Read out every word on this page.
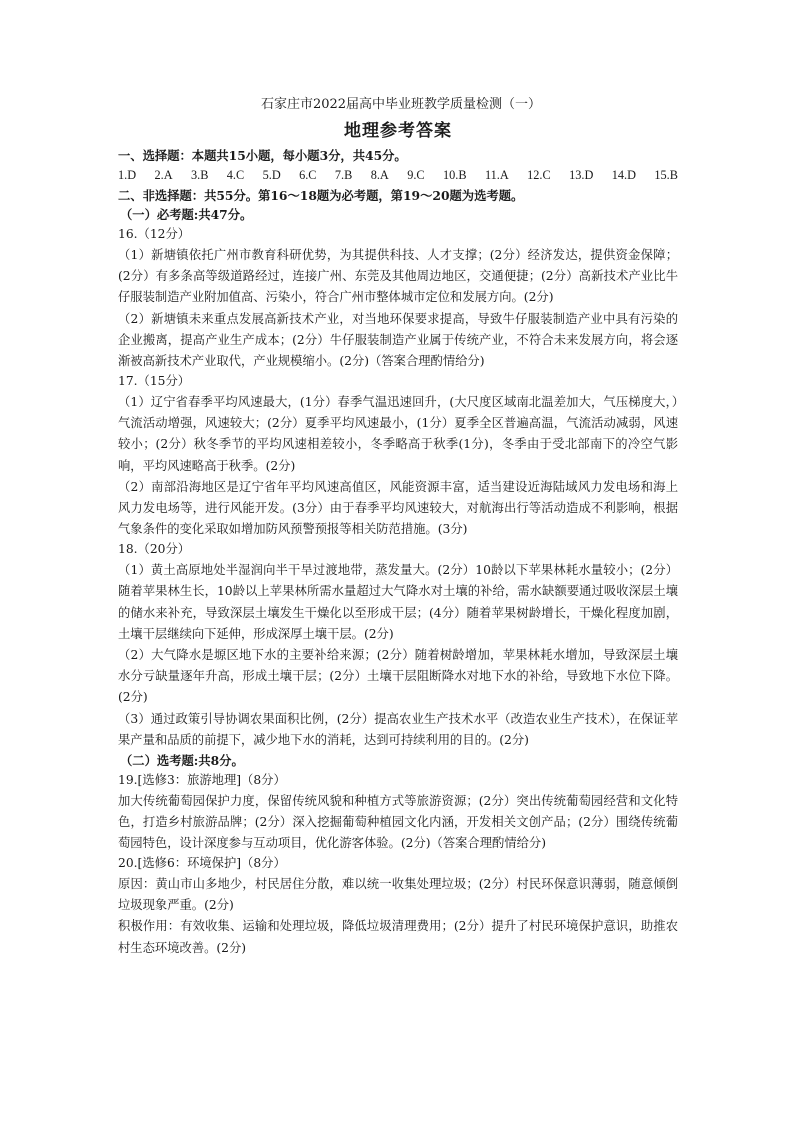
石家庄市2022届高中毕业班教学质量检测（一）

地理参考答案

一、选择题：本题共15小题，每小题3分，共45分。

1.D 2.A 3.B 4.C 5.D 6.C 7.B 8.A 9.C 10.B 11.A 12.C 13.D 14.D 15.B

二、非选择题：共55分。第16～18题为必考题，第19～20题为选考题。

（一）必考题:共47分。

16.（12分）

（1）新塘镇依托广州市教育科研优势，为其提供科技、人才支撑；(2分）经济发达，提供资金保障；(2分）有多条高等级道路经过，连接广州、东莞及其他周边地区，交通便捷；(2分）高新技术产业比牛仔服装制造产业附加值高、污染小，符合广州市整体城市定位和发展方向。(2分)

（2）新塘镇未来重点发展高新技术产业，对当地环保要求提高，导致牛仔服装制造产业中具有污染的企业搬离，提高产业生产成本；(2分）牛仔服装制造产业属于传统产业，不符合未来发展方向，将会逐渐被高新技术产业取代，产业规模缩小。(2分)（答案合理酌情给分)

17.（15分）

（1）辽宁省春季平均风速最大，(1分）春季气温迅速回升，(大尺度区域南北温差加大，气压梯度大，）气流活动增强，风速较大；(2分）夏季平均风速最小，(1分）夏季全区普遍高温，气流活动减弱，风速较小；(2分）秋冬季节的平均风速相差较小，冬季略高于秋季(1分)，冬季由于受北部南下的冷空气影响，平均风速略高于秋季。(2分)

（2）南部沿海地区是辽宁省年平均风速高值区，风能资源丰富，适当建设近海陆域风力发电场和海上风力发电场等，进行风能开发。(3分）由于春季平均风速较大，对航海出行等活动造成不利影响，根据气象条件的变化采取如增加防风预警预报等相关防范措施。(3分)

18.（20分）

（1）黄土高原地处半湿润向半干旱过渡地带，蒸发量大。(2分）10龄以下苹果林耗水量较小；(2分）随着苹果林生长，10龄以上苹果林所需水量超过大气降水对土壤的补给，需水缺额要通过吸收深层土壤的储水来补充，导致深层土壤发生干燥化以至形成干层；(4分）随着苹果树龄增长，干燥化程度加剧，土壤干层继续向下延伸，形成深厚土壤干层。(2分)

（2）大气降水是塬区地下水的主要补给来源；(2分）随着树龄增加，苹果林耗水增加，导致深层土壤水分亏缺量逐年升高，形成土壤干层；(2分）土壤干层阻断降水对地下水的补给，导致地下水位下降。(2分)

（3）通过政策引导协调农果面积比例，(2分）提高农业生产技术水平（改造农业生产技术），在保证苹果产量和品质的前提下，减少地下水的消耗，达到可持续利用的目的。(2分)

（二）选考题:共8分。

19.[选修3：旅游地理]（8分）

加大传统葡萄园保护力度，保留传统风貌和种植方式等旅游资源；(2分）突出传统葡萄园经营和文化特色，打造乡村旅游品牌；(2分）深入挖掘葡萄种植园文化内涵，开发相关文创产品；(2分）围绕传统葡萄园特色，设计深度参与互动项目，优化游客体验。(2分)（答案合理酌情给分)

20.[选修6：环境保护]（8分）

原因：黄山市山多地少，村民居住分散，难以统一收集处理垃圾；(2分）村民环保意识薄弱，随意倾倒垃圾现象严重。(2分)

积极作用：有效收集、运输和处理垃圾，降低垃圾清理费用；(2分）提升了村民环境保护意识，助推农村生态环境改善。(2分)
